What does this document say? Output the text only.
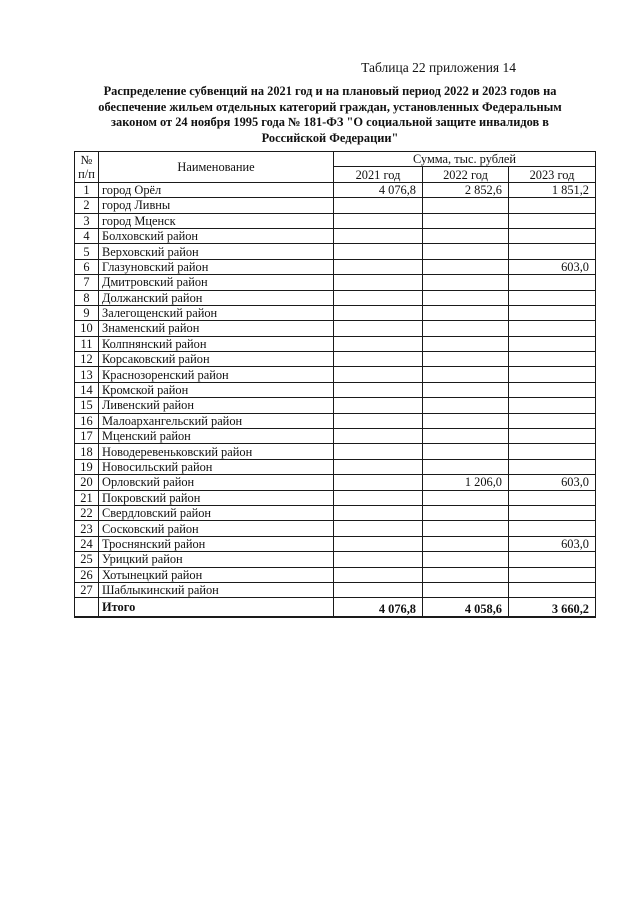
Таблица 22 приложения 14
Распределение субвенций на 2021 год и на плановый период 2022 и 2023 годов на обеспечение жильем отдельных категорий граждан, установленных Федеральным законом от 24 ноября 1995 года № 181-ФЗ "О социальной защите инвалидов в Российской Федерации"
№ п/п	Наименование	Сумма, тыс. рублей		
		2021 год	2022 год	2023 год
1	город Орёл	4 076,8	2 852,6	1 851,2
2	город Ливны			
3	город Мценск			
4	Болховский район			
5	Верховский район			
6	Глазуновский район			603,0
7	Дмитровский район			
8	Должанский район			
9	Залегощенский район			
10	Знаменский район			
11	Колпнянский район			
12	Корсаковский район			
13	Краснозоренский район			
14	Кромской район			
15	Ливенский район			
16	Малоархангельский район			
17	Мценский район			
18	Новодеревеньковский район			
19	Новосильский район			
20	Орловский район		1 206,0	603,0
21	Покровский район			
22	Свердловский район			
23	Сосковский район			
24	Троснянский район			603,0
25	Урицкий район			
26	Хотынецкий район			
27	Шаблыкинский район			
	Итого	4 076,8	4 058,6	3 660,2
